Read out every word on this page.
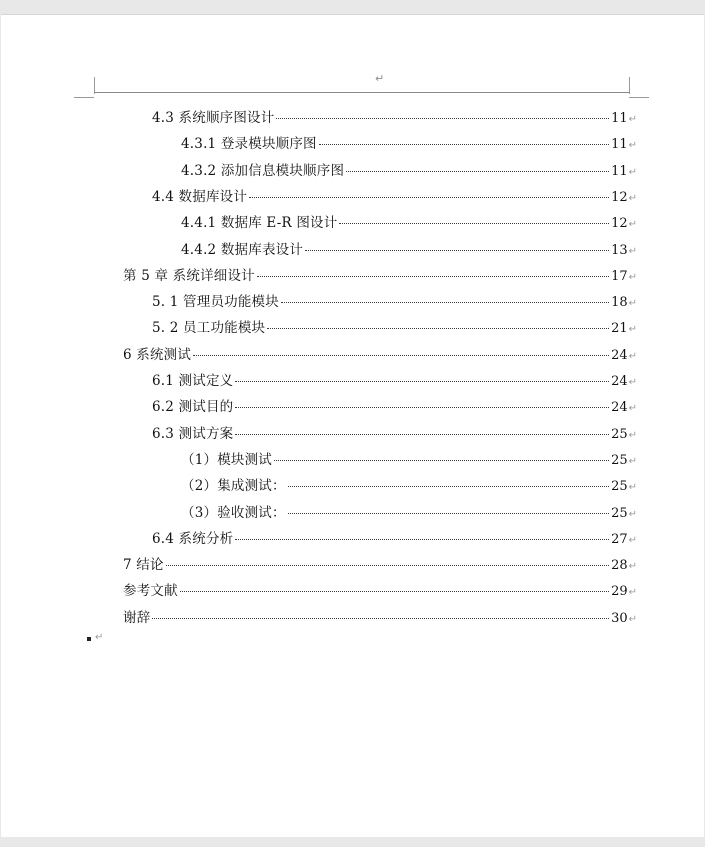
↵
4.3 系统顺序图设计	11 ↵
4.3.1 登录模块顺序图	11 ↵
4.3.2 添加信息模块顺序图	11 ↵
4.4 数据库设计	12 ↵
4.4.1 数据库 E-R 图设计	12 ↵
4.4.2 数据库表设计	13 ↵
第 5 章 系统详细设计	17 ↵
5. 1 管理员功能模块	18 ↵
5. 2 员工功能模块	21 ↵
6 系统测试	24 ↵
6.1 测试定义	24 ↵
6.2 测试目的	24 ↵
6.3 测试方案	25 ↵
（1）模块测试	25 ↵
（2）集成测试：	25 ↵
（3）验收测试：	25 ↵
6.4 系统分析	27 ↵
7 结论	28 ↵
参考文献	29 ↵
谢辞	30 ↵
↵
